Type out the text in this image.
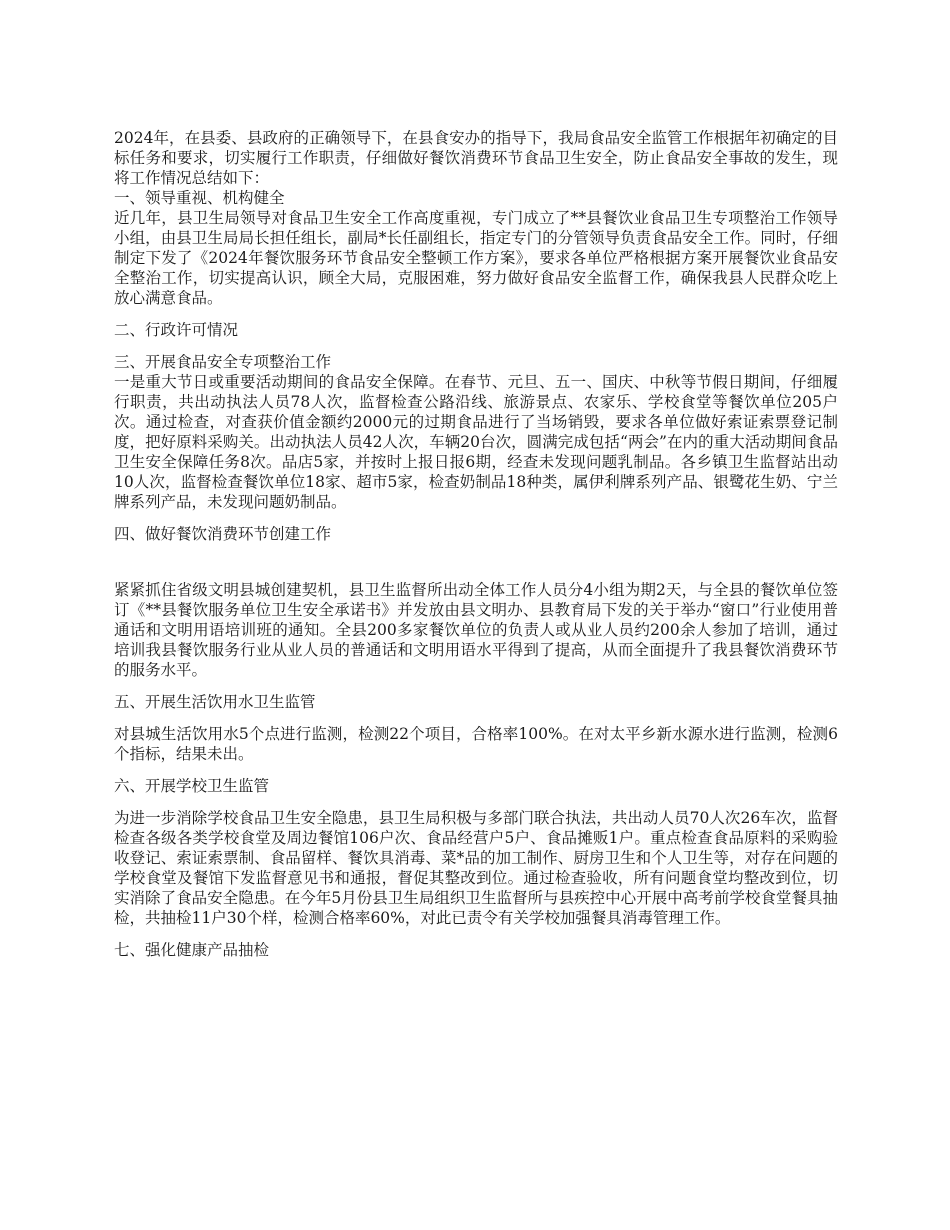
2024年，在县委、县政府的正确领导下，在县食安办的指导下，我局食品安全监管工作根据年初确定的目标任务和要求，切实履行工作职责，仔细做好餐饮消费环节食品卫生安全，防止食品安全事故的发生，现将工作情况总结如下：

一、领导重视、机构健全

近几年，县卫生局领导对食品卫生安全工作高度重视，专门成立了**县餐饮业食品卫生专项整治工作领导小组，由县卫生局局长担任组长，副局*长任副组长，指定专门的分管领导负责食品安全工作。同时，仔细制定下发了《2024年餐饮服务环节食品安全整顿工作方案》，要求各单位严格根据方案开展餐饮业食品安全整治工作，切实提高认识，顾全大局，克服困难，努力做好食品安全监督工作，确保我县人民群众吃上放心满意食品。

二、行政许可情况

三、开展食品安全专项整治工作

一是重大节日或重要活动期间的食品安全保障。在春节、元旦、五一、国庆、中秋等节假日期间，仔细履行职责，共出动执法人员78人次，监督检查公路沿线、旅游景点、农家乐、学校食堂等餐饮单位205户次。通过检查，对查获价值金额约2000元的过期食品进行了当场销毁，要求各单位做好索证索票登记制度，把好原料采购关。出动执法人员42人次，车辆20台次，圆满完成包括“两会”在内的重大活动期间食品卫生安全保障任务8次。品店5家，并按时上报日报6期，经查未发现问题乳制品。各乡镇卫生监督站出动10人次，监督检查餐饮单位18家、超市5家，检查奶制品18种类，属伊利牌系列产品、银鹭花生奶、宁兰牌系列产品，未发现问题奶制品。

四、做好餐饮消费环节创建工作

紧紧抓住省级文明县城创建契机，县卫生监督所出动全体工作人员分4小组为期2天，与全县的餐饮单位签订《**县餐饮服务单位卫生安全承诺书》并发放由县文明办、县教育局下发的关于举办“窗口”行业使用普通话和文明用语培训班的通知。全县200多家餐饮单位的负责人或从业人员约200余人参加了培训，通过培训我县餐饮服务行业从业人员的普通话和文明用语水平得到了提高，从而全面提升了我县餐饮消费环节的服务水平。

五、开展生活饮用水卫生监管

对县城生活饮用水5个点进行监测，检测22个项目，合格率100%。在对太平乡新水源水进行监测，检测6个指标，结果未出。

六、开展学校卫生监管

为进一步消除学校食品卫生安全隐患，县卫生局积极与多部门联合执法，共出动人员70人次26车次，监督检查各级各类学校食堂及周边餐馆106户次、食品经营户5户、食品摊贩1户。重点检查食品原料的采购验收登记、索证索票制、食品留样、餐饮具消毒、菜*品的加工制作、厨房卫生和个人卫生等，对存在问题的学校食堂及餐馆下发监督意见书和通报，督促其整改到位。通过检查验收，所有问题食堂均整改到位，切实消除了食品安全隐患。在今年5月份县卫生局组织卫生监督所与县疾控中心开展中高考前学校食堂餐具抽检，共抽检11户30个样，检测合格率60%，对此已责令有关学校加强餐具消毒管理工作。

七、强化健康产品抽检
